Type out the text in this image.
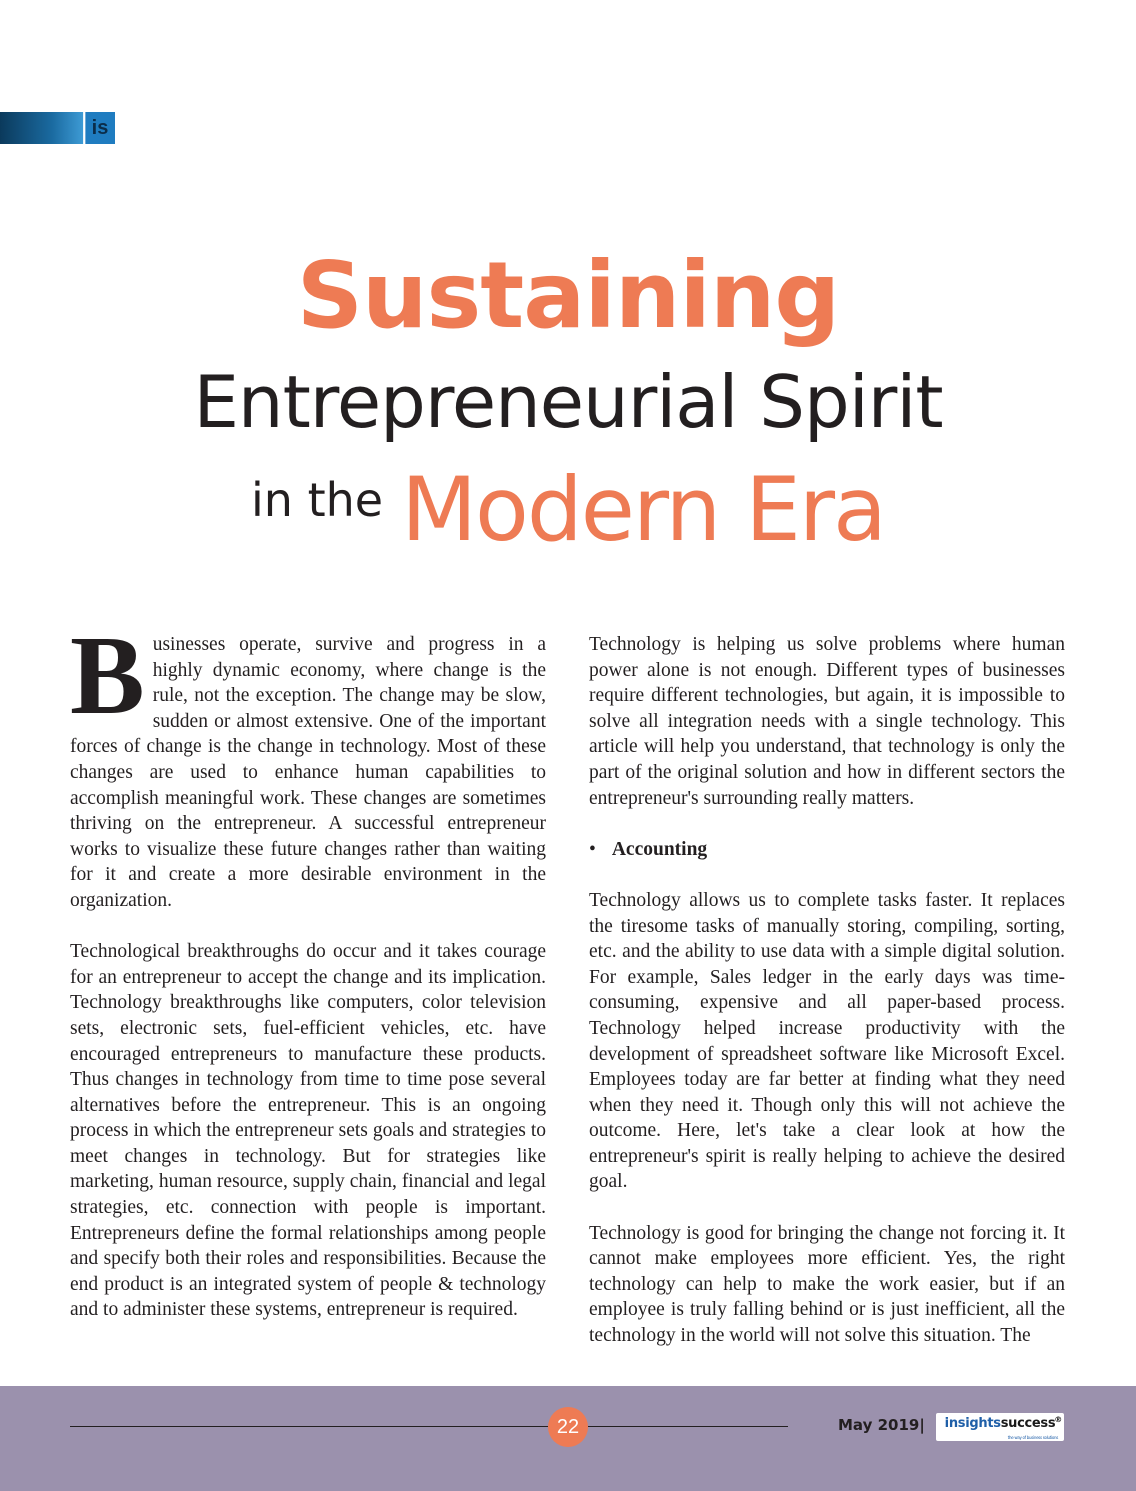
is
Sustaining
Entrepreneurial Spirit
in the Modern Era

Businesses operate, survive and progress in a highly dynamic economy, where change is the rule, not the exception. The change may be slow, sudden or almost extensive. One of the important forces of change is the change in technology. Most of these changes are used to enhance human capabilities to accomplish meaningful work. These changes are sometimes thriving on the entrepreneur. A successful entrepreneur works to visualize these future changes rather than waiting for it and create a more desirable environment in the organization.

Technological breakthroughs do occur and it takes courage for an entrepreneur to accept the change and its implication. Technology breakthroughs like computers, color television sets, electronic sets, fuel-efficient vehicles, etc. have encouraged entrepreneurs to manufacture these products. Thus changes in technology from time to time pose several alternatives before the entrepreneur. This is an ongoing process in which the entrepreneur sets goals and strategies to meet changes in technology. But for strategies like marketing, human resource, supply chain, financial and legal strategies, etc. connection with people is important. Entrepreneurs define the formal relationships among people and specify both their roles and responsibilities. Because the end product is an integrated system of people & technology and to administer these systems, entrepreneur is required.

Technology is helping us solve problems where human power alone is not enough. Different types of businesses require different technologies, but again, it is impossible to solve all integration needs with a single technology. This article will help you understand, that technology is only the part of the original solution and how in different sectors the entrepreneur's surrounding really matters.

• Accounting

Technology allows us to complete tasks faster. It replaces the tiresome tasks of manually storing, compiling, sorting, etc. and the ability to use data with a simple digital solution. For example, Sales ledger in the early days was time-consuming, expensive and all paper-based process. Technology helped increase productivity with the development of spreadsheet software like Microsoft Excel. Employees today are far better at finding what they need when they need it. Though only this will not achieve the outcome. Here, let's take a clear look at how the entrepreneur's spirit is really helping to achieve the desired goal.

Technology is good for bringing the change not forcing it. It cannot make employees more efficient. Yes, the right technology can help to make the work easier, but if an employee is truly falling behind or is just inefficient, all the technology in the world will not solve this situation. The

22	May 2019|	insightssuccess
®
the way of business solutions
